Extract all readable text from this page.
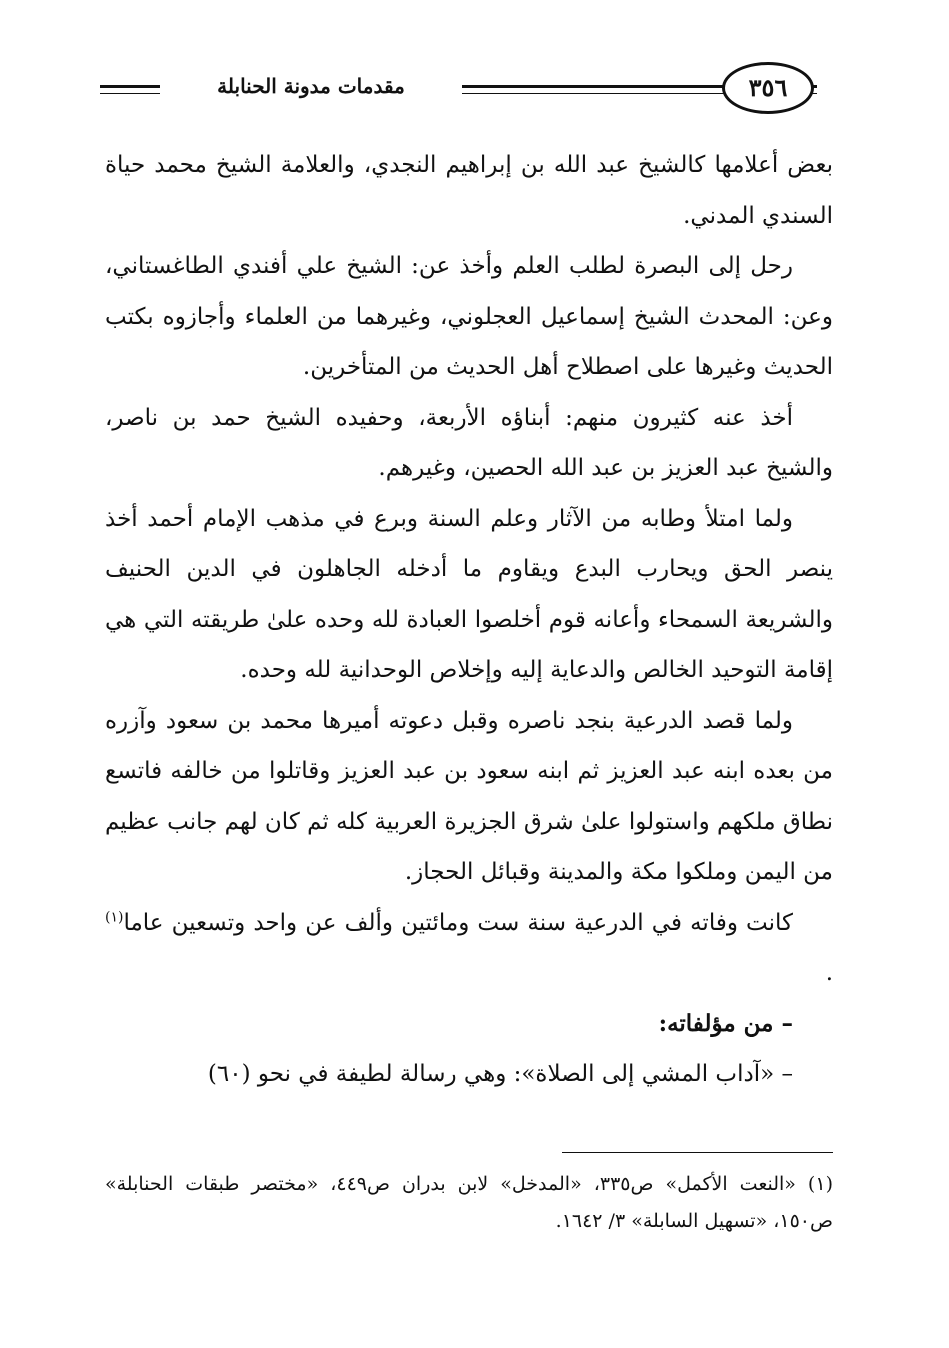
مقدمات مدونة الحنابلة	٣٥٦

بعض أعلامها كالشيخ عبد الله بن إبراهيم النجدي، والعلامة الشيخ محمد حياة السندي المدني.

رحل إلى البصرة لطلب العلم وأخذ عن: الشيخ علي أفندي الطاغستاني، وعن: المحدث الشيخ إسماعيل العجلوني، وغيرهما من العلماء وأجازوه بكتب الحديث وغيرها على اصطلاح أهل الحديث من المتأخرين.

أخذ عنه كثيرون منهم: أبناؤه الأربعة، وحفيده الشيخ حمد بن ناصر، والشيخ عبد العزيز بن عبد الله الحصين، وغيرهم.

ولما امتلأ وطابه من الآثار وعلم السنة وبرع في مذهب الإمام أحمد أخذ ينصر الحق ويحارب البدع ويقاوم ما أدخله الجاهلون في الدين الحنيف والشريعة السمحاء وأعانه قوم أخلصوا العبادة لله وحده علىٰ طريقته التي هي إقامة التوحيد الخالص والدعاية إليه وإخلاص الوحدانية لله وحده.

ولما قصد الدرعية بنجد ناصره وقبل دعوته أميرها محمد بن سعود وآزره من بعده ابنه عبد العزيز ثم ابنه سعود بن عبد العزيز وقاتلوا من خالفه فاتسع نطاق ملكهم واستولوا علىٰ شرق الجزيرة العربية كله ثم كان لهم جانب عظيم من اليمن وملكوا مكة والمدينة وقبائل الحجاز.

كانت وفاته في الدرعية سنة ست ومائتين وألف عن واحد وتسعين عاما$^{(١)}$ .

– من مؤلفاته:

– «آداب المشي إلى الصلاة»: وهي رسالة لطيفة في نحو (٦٠)

(١) «النعت الأكمل» ص٣٣٥، «المدخل» لابن بدران ص٤٤٩، «مختصر طبقات الحنابلة» ص١٥٠، «تسهيل السابلة» ٣/ ١٦٤٢.
